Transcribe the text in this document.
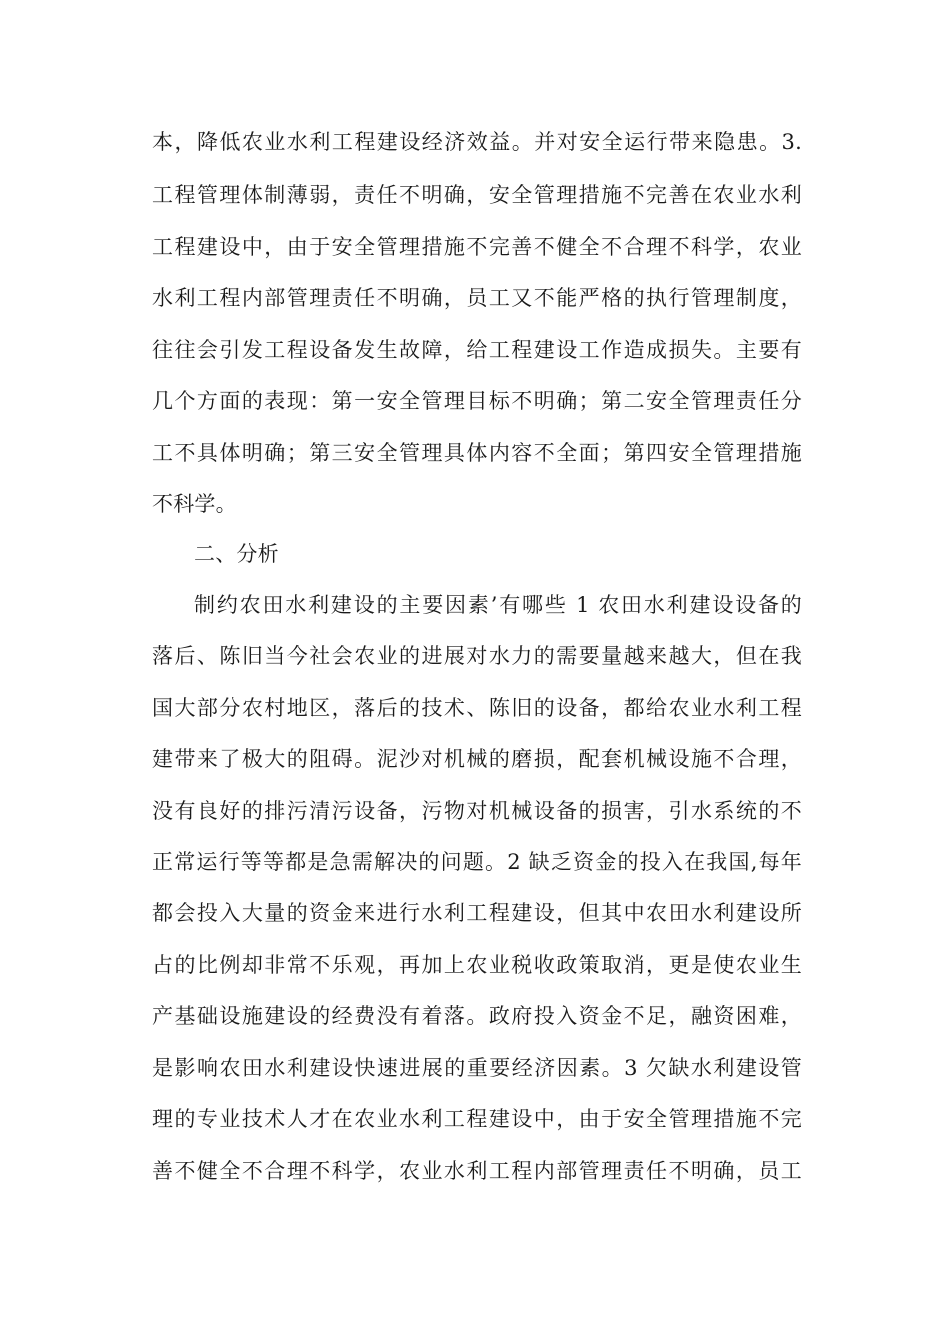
本，降低农业水利工程建设经济效益。并对安全运行带来隐患。3.
工程管理体制薄弱，责任不明确，安全管理措施不完善在农业水利
工程建设中，由于安全管理措施不完善不健全不合理不科学，农业
水利工程内部管理责任不明确，员工又不能严格的执行管理制度，
往往会引发工程设备发生故障，给工程建设工作造成损失。主要有
几个方面的表现：第一安全管理目标不明确；第二安全管理责任分
工不具体明确；第三安全管理具体内容不全面；第四安全管理措施
不科学。
二、分析
制约农田水利建设的主要因素’有哪些 1 农田水利建设设备的
落后、陈旧当今社会农业的进展对水力的需要量越来越大，但在我
国大部分农村地区，落后的技术、陈旧的设备，都给农业水利工程
建带来了极大的阻碍。泥沙对机械的磨损，配套机械设施不合理，
没有良好的排污清污设备，污物对机械设备的损害，引水系统的不
正常运行等等都是急需解决的问题。2 缺乏资金的投入在我国,每年
都会投入大量的资金来进行水利工程建设，但其中农田水利建设所
占的比例却非常不乐观，再加上农业税收政策取消，更是使农业生
产基础设施建设的经费没有着落。政府投入资金不足，融资困难，
是影响农田水利建设快速进展的重要经济因素。3 欠缺水利建设管
理的专业技术人才在农业水利工程建设中，由于安全管理措施不完
善不健全不合理不科学，农业水利工程内部管理责任不明确，员工
